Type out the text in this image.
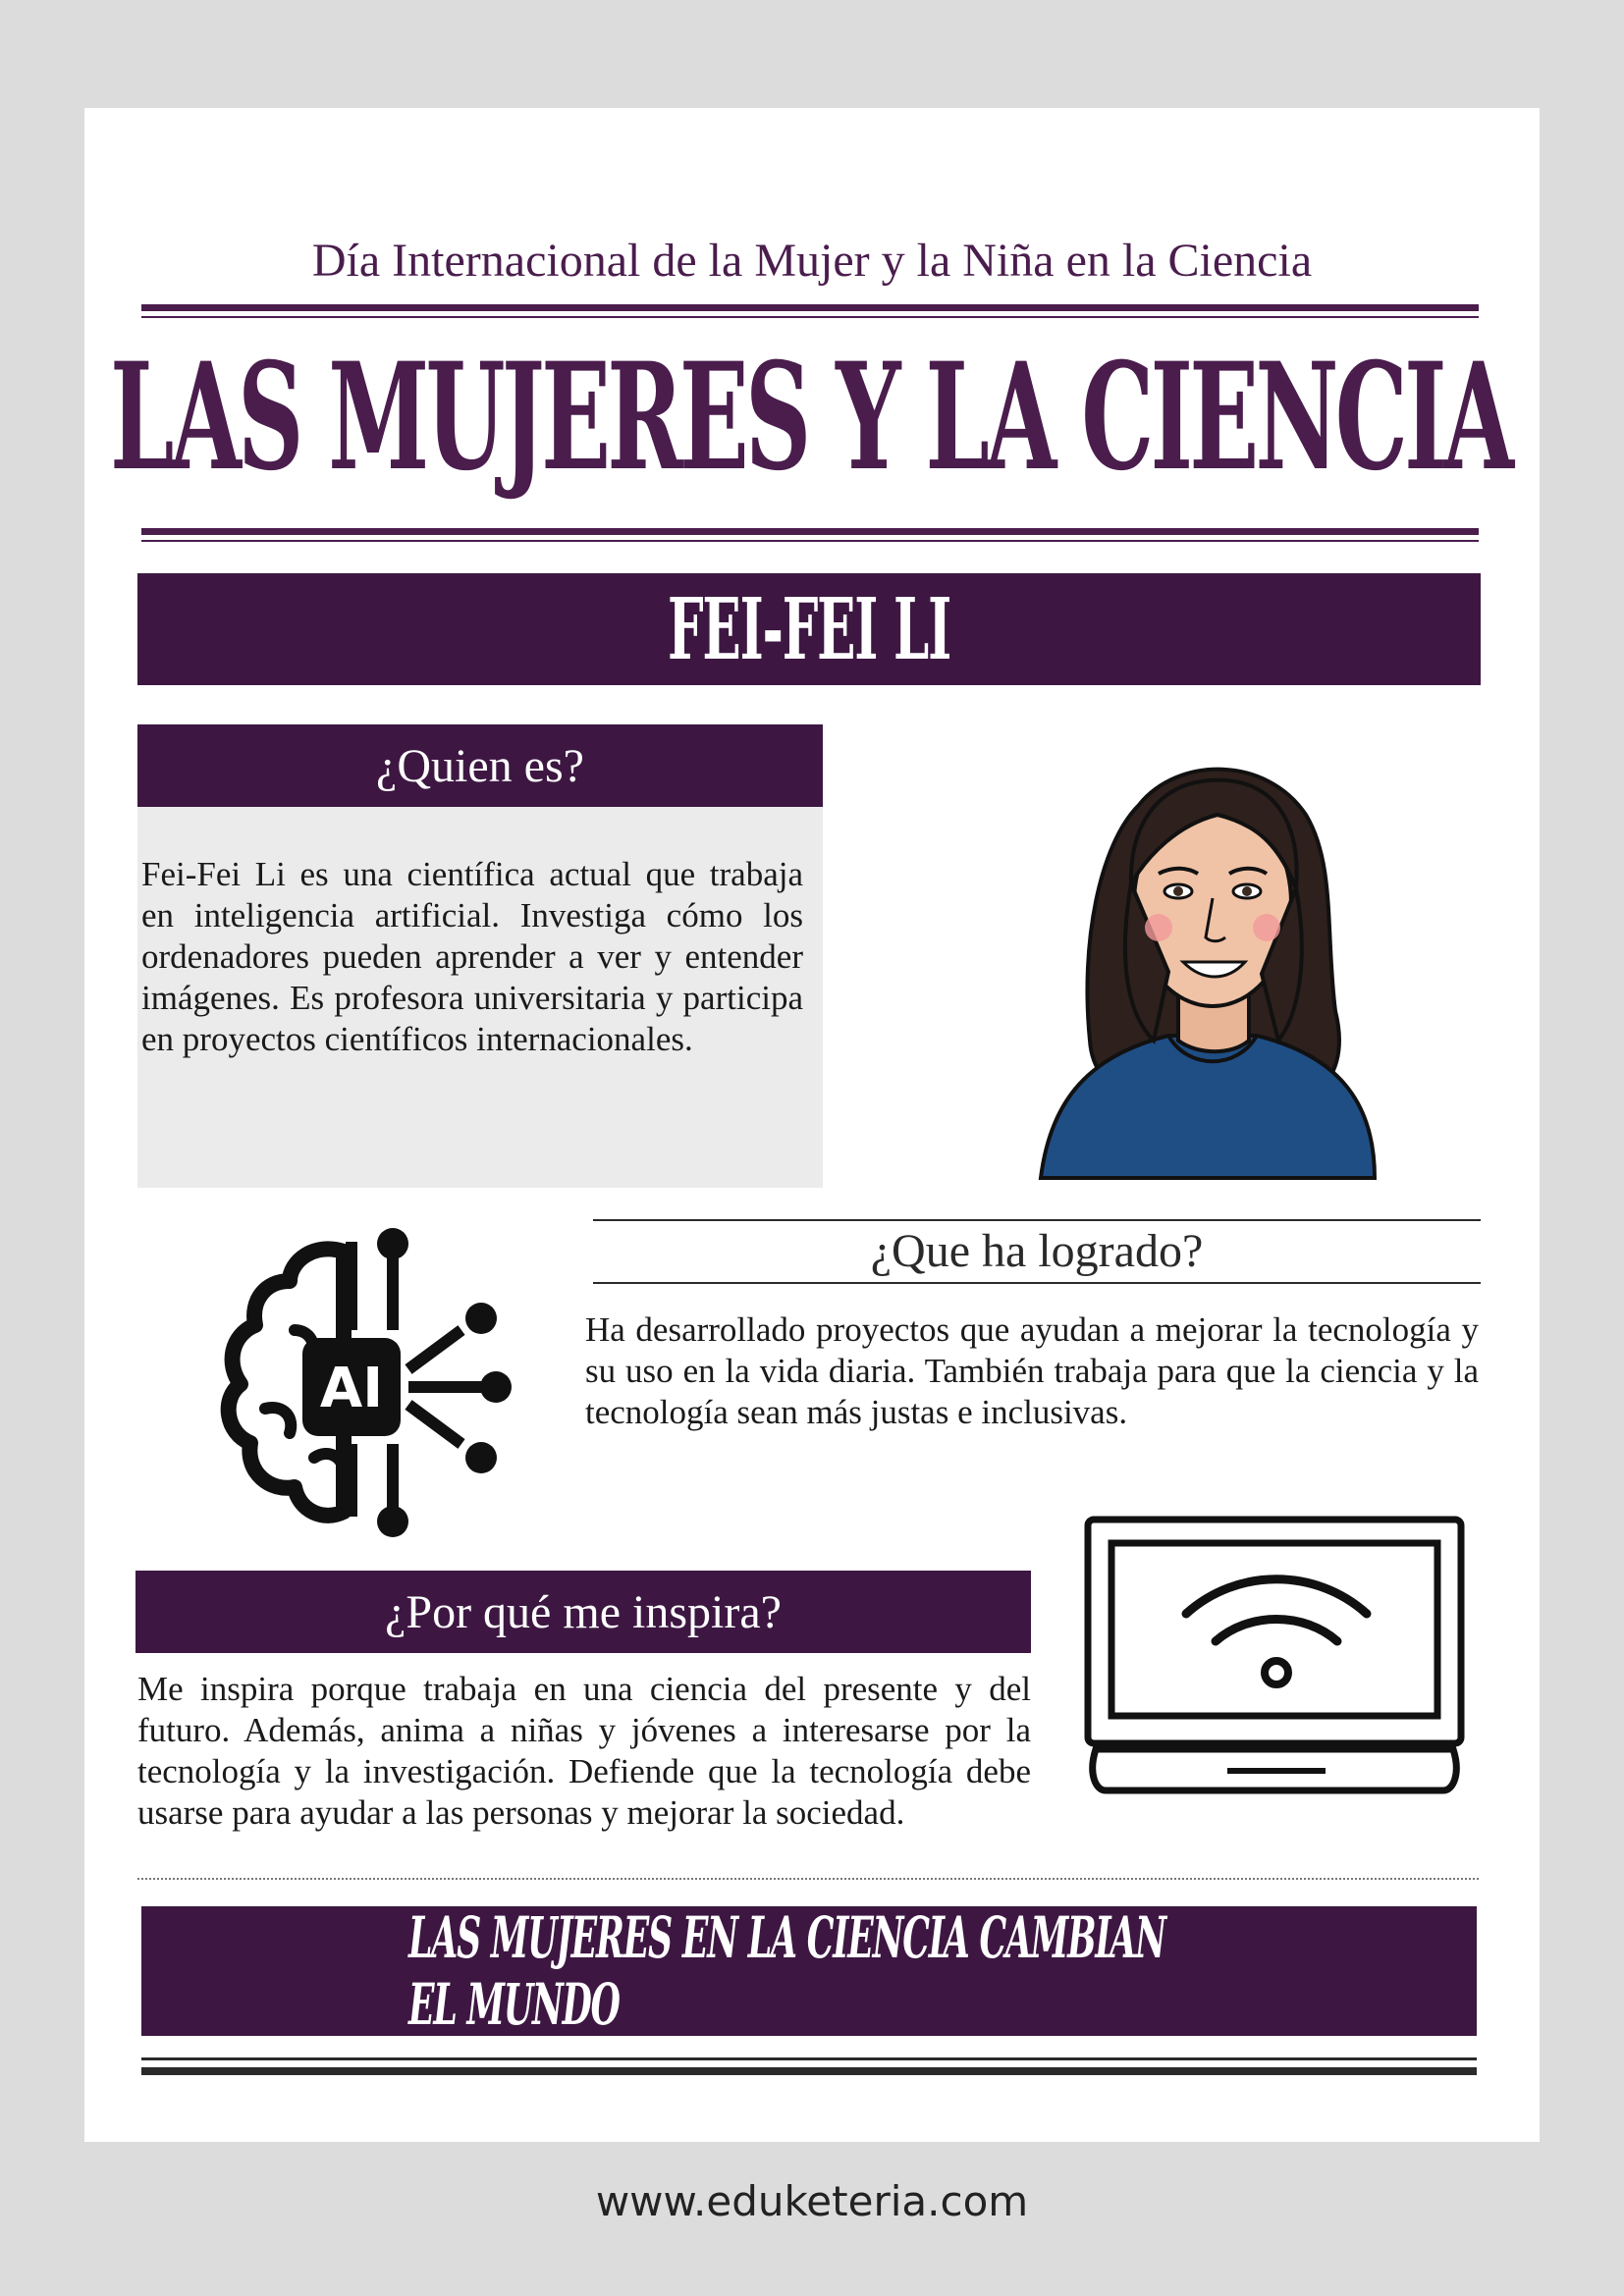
Día Internacional de la Mujer y la Niña en la Ciencia
LAS MUJERES Y LA CIENCIA
FEI-FEI LI
¿Quien es?
Fei-Fei Li es una científica actual que trabaja en inteligencia artificial. Investiga cómo los ordenadores pueden aprender a ver y entender imágenes. Es profesora universitaria y participa en proyectos científicos internacionales.
AI
¿Que ha logrado?
Ha desarrollado proyectos que ayudan a mejorar la tecnología y su uso en la vida diaria. También trabaja para que la ciencia y la tecnología sean más justas e inclusivas.
¿Por qué me inspira?
Me inspira porque trabaja en una ciencia del presente y del futuro. Además, anima a niñas y jóvenes a interesarse por la tecnología y la investigación. Defiende que la tecnología debe usarse para ayudar a las personas y mejorar la sociedad.
LAS MUJERES EN LA CIENCIA CAMBIAN EL MUNDO
www.eduketeria.com
